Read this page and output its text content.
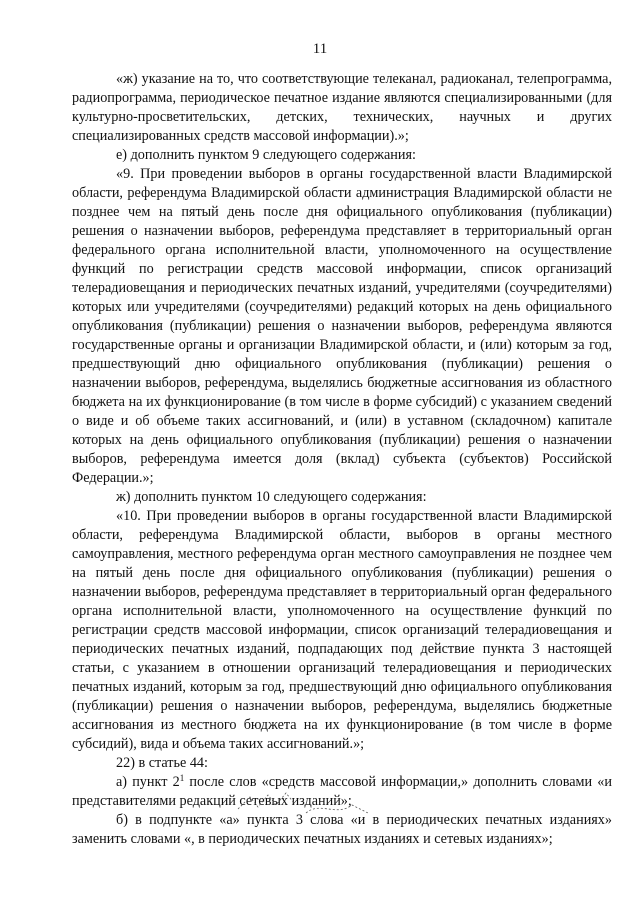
11

«ж) указание на то, что соответствующие телеканал, радиоканал, телепрограмма, радиопрограмма, периодическое печатное издание являются специализированными (для культурно-просветительских, детских, технических, научных и других специализированных средств массовой информации).»;

е) дополнить пунктом 9 следующего содержания:

«9. При проведении выборов в органы государственной власти Владимирской области, референдума Владимирской области администрация Владимирской области не позднее чем на пятый день после дня официального опубликования (публикации) решения о назначении выборов, референдума представляет в территориальный орган федерального органа исполнительной власти, уполномоченного на осуществление функций по регистрации средств массовой информации, список организаций телерадиовещания и периодических печатных изданий, учредителями (соучредителями) которых или учредителями (соучредителями) редакций которых на день официального опубликования (публикации) решения о назначении выборов, референдума являются государственные органы и организации Владимирской области, и (или) которым за год, предшествующий дню официального опубликования (публикации) решения о назначении выборов, референдума, выделялись бюджетные ассигнования из областного бюджета на их функционирование (в том числе в форме субсидий) с указанием сведений о виде и об объеме таких ассигнований, и (или) в уставном (складочном) капитале которых на день официального опубликования (публикации) решения о назначении выборов, референдума имеется доля (вклад) субъекта (субъектов) Российской Федерации.»;

ж) дополнить пунктом 10 следующего содержания:

«10. При проведении выборов в органы государственной власти Владимирской области, референдума Владимирской области, выборов в органы местного самоуправления, местного референдума орган местного самоуправления не позднее чем на пятый день после дня официального опубликования (публикации) решения о назначении выборов, референдума представляет в территориальный орган федерального органа исполнительной власти, уполномоченного на осуществление функций по регистрации средств массовой информации, список организаций телерадиовещания и периодических печатных изданий, подпадающих под действие пункта 3 настоящей статьи, с указанием в отношении организаций телерадиовещания и периодических печатных изданий, которым за год, предшествующий дню официального опубликования (публикации) решения о назначении выборов, референдума, выделялись бюджетные ассигнования из местного бюджета на их функционирование (в том числе в форме субсидий), вида и объема таких ассигнований.»;

22) в статье 44:

а) пункт $2^1$ после слов «средств массовой информации,» дополнить словами «и представителями редакций сетевых изданий»;

б) в подпункте «а» пункта 3 слова «и в периодических печатных изданиях» заменить словами «, в периодических печатных изданиях и сетевых изданиях»;
